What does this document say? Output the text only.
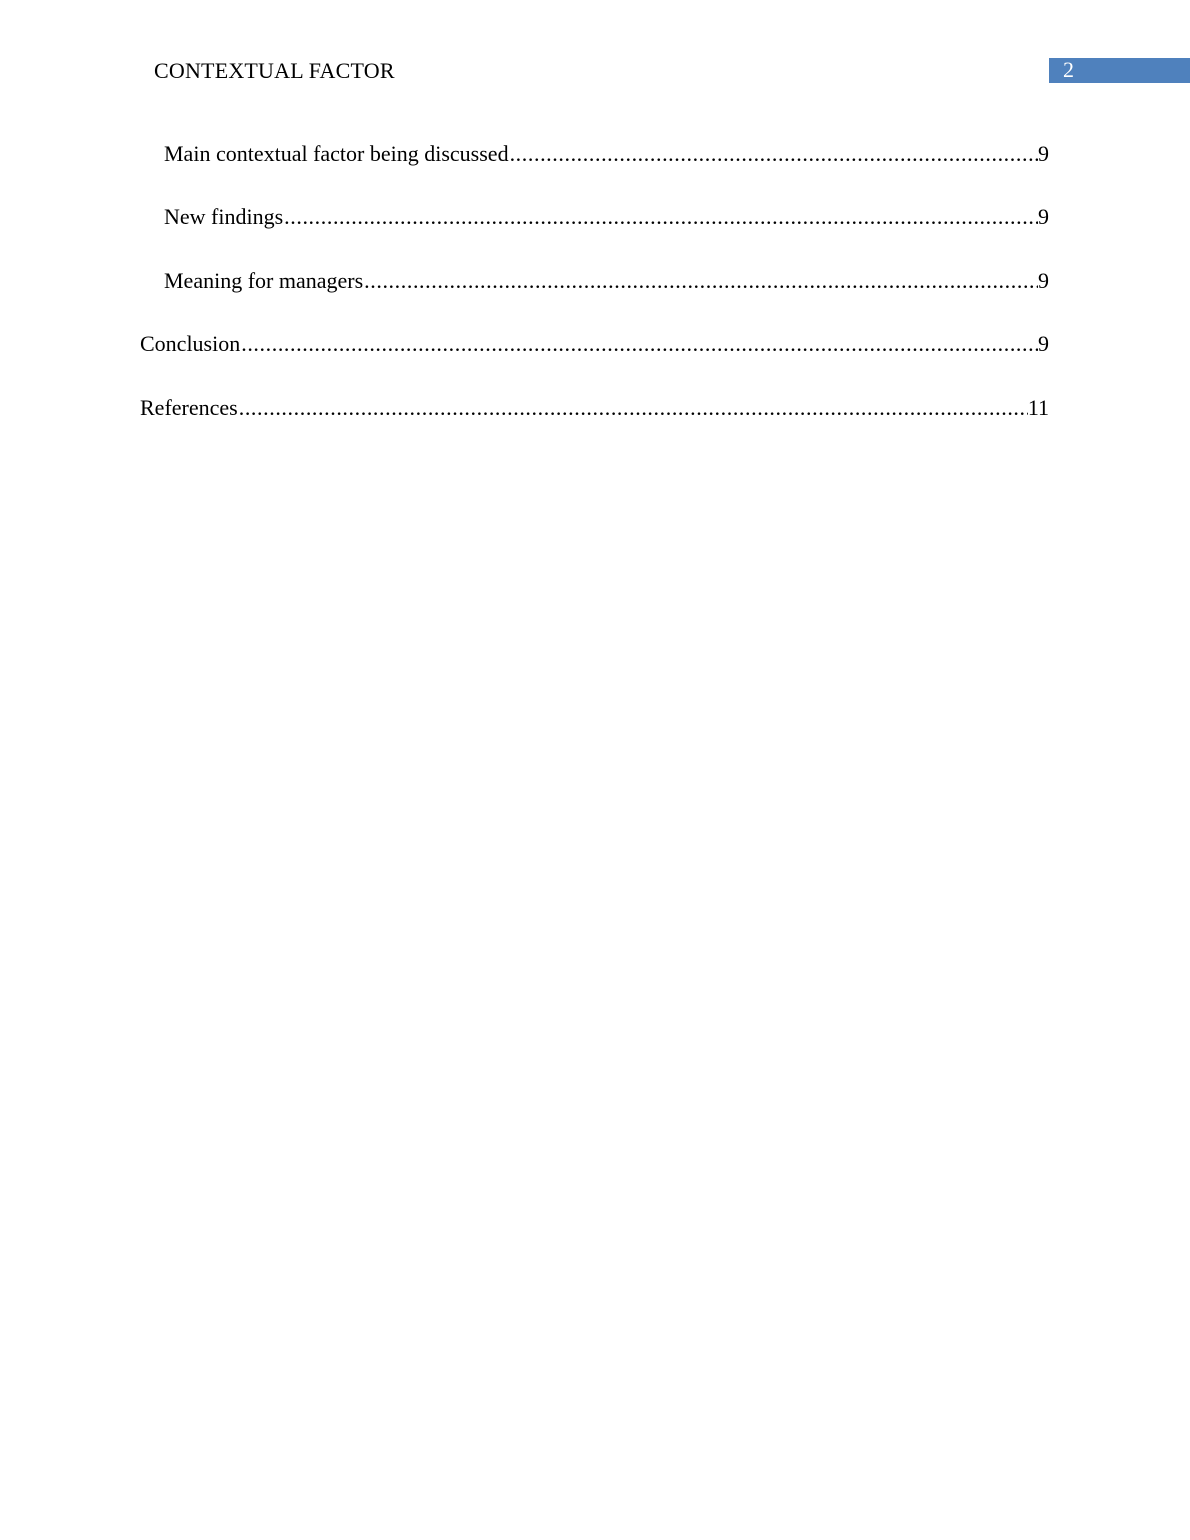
CONTEXTUAL FACTOR	2
Main contextual factor being discussed .....	9
New findings .....	9
Meaning for managers .....	9
Conclusion .....	9
References .....	11
